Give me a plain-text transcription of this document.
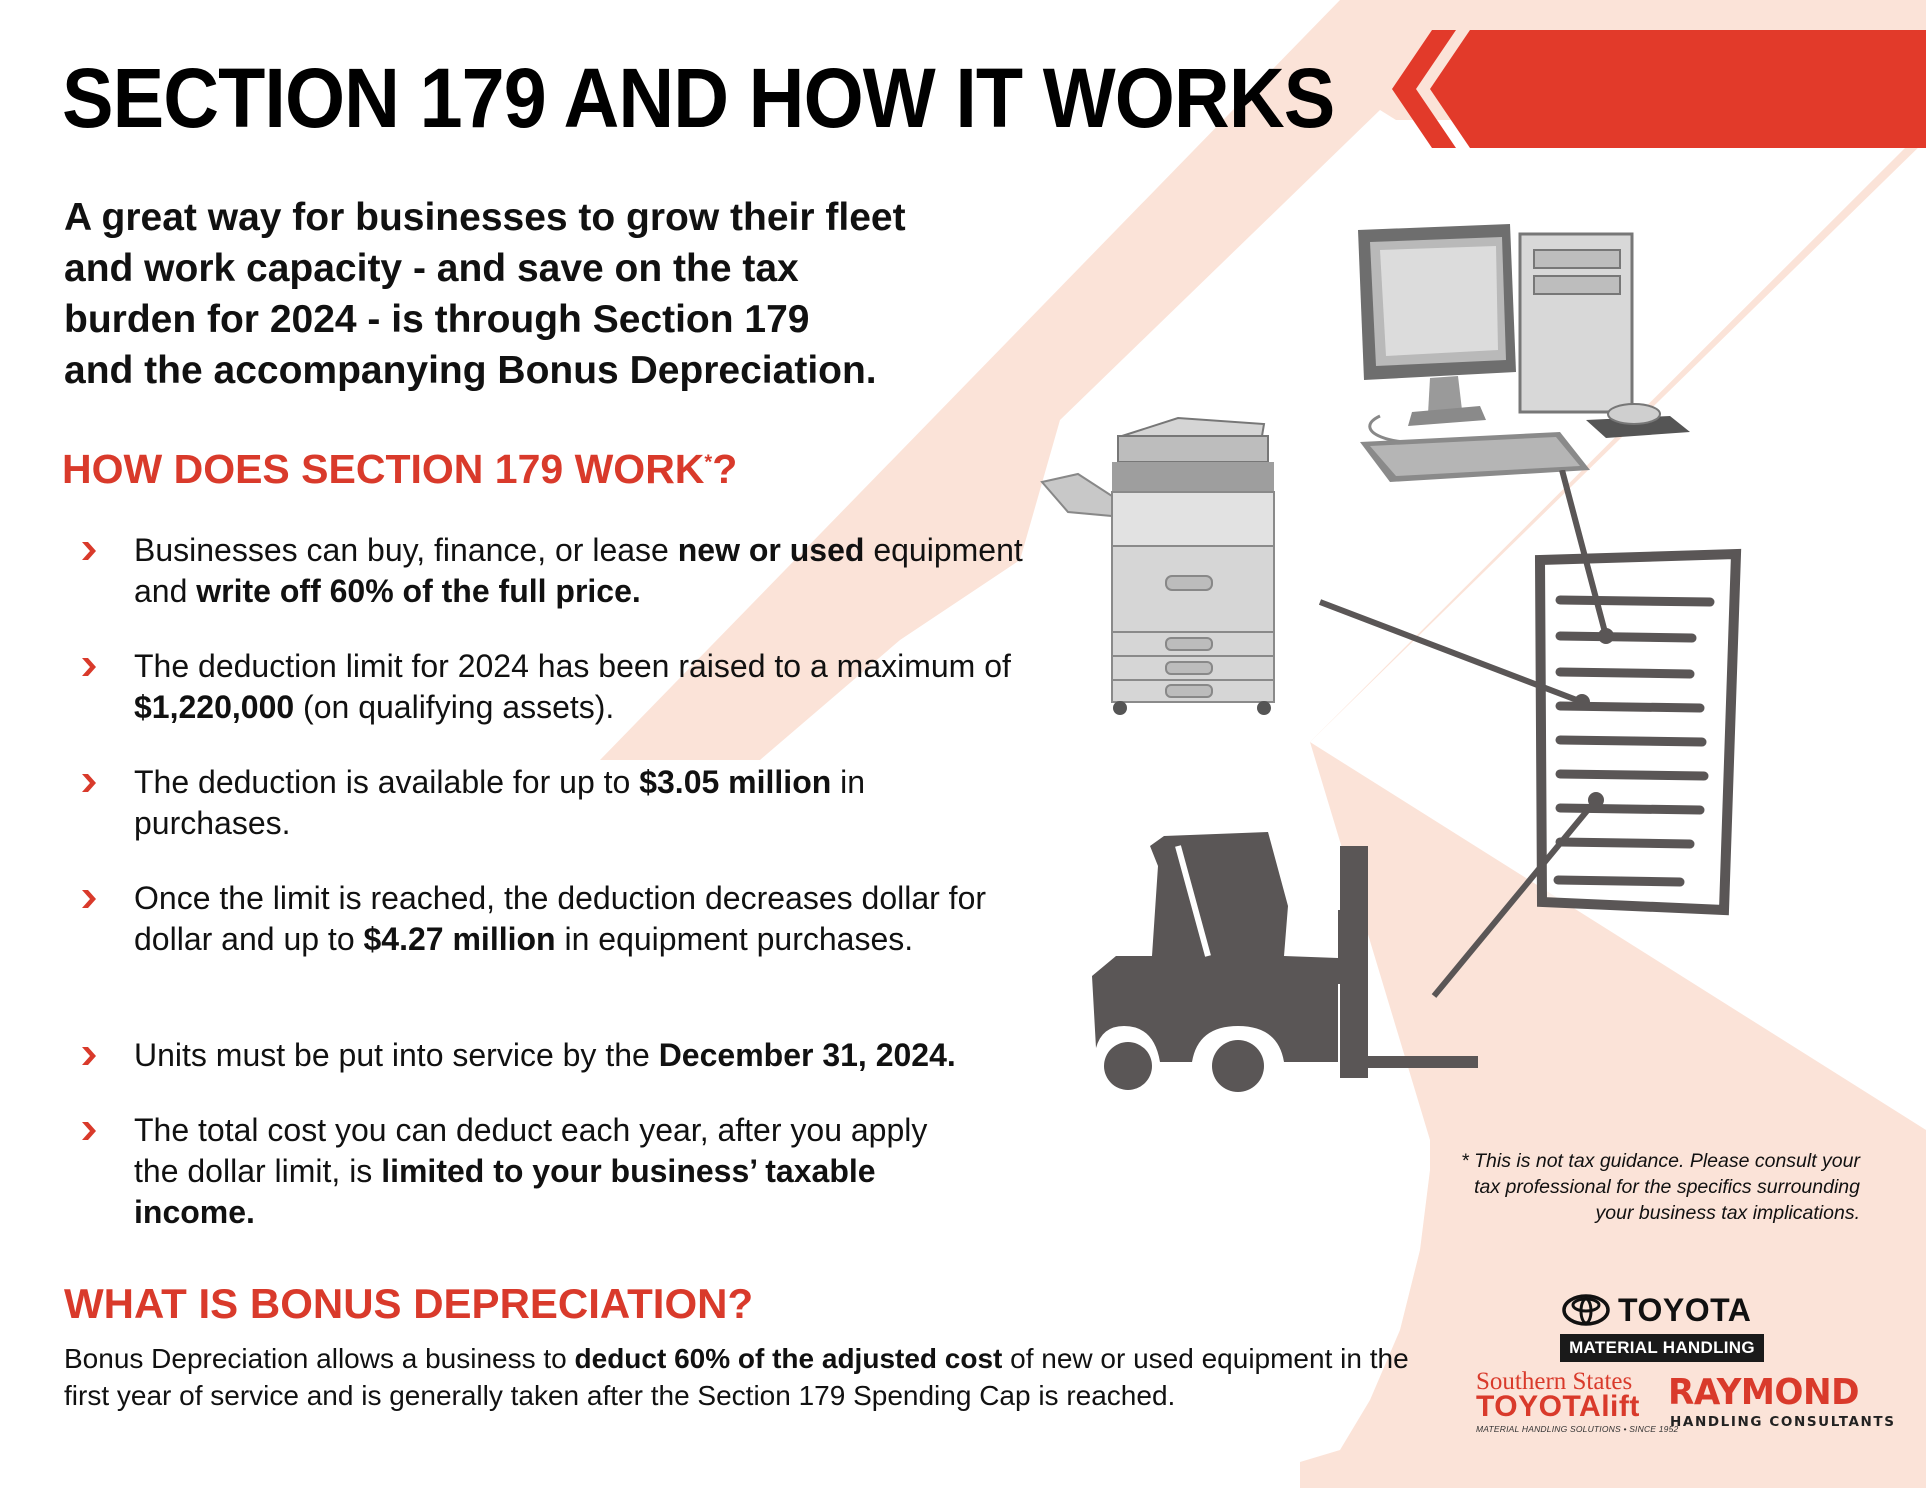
SECTION 179 AND HOW IT WORKS

A great way for businesses to grow their fleet
and work capacity - and save on the tax
burden for 2024 - is through Section 179
and the accompanying Bonus Depreciation.

HOW DOES SECTION 179 WORK*?
Businesses can buy, finance, or lease new or used equipment and write off 60% of the full price.
The deduction limit for 2024 has been raised to a maximum of $1,220,000 (on qualifying assets).
The deduction is available for up to $3.05 million in purchases.
Once the limit is reached, the deduction decreases dollar for dollar and up to $4.27 million in equipment purchases.
Units must be put into service by the December 31, 2024.
The total cost you can deduct each year, after you apply the dollar limit, is limited to your business’ taxable income.

* This is not tax guidance. Please consult your
tax professional for the specifics surrounding
your business tax implications.

WHAT IS BONUS DEPRECIATION?

Bonus Depreciation allows a business to deduct 60% of the adjusted cost of new or used equipment in the first year of service and is generally taken after the Section 179 Spending Cap is reached.

TOYOTA
MATERIAL HANDLING
Southern States
TOYOTAlift
MATERIAL HANDLING SOLUTIONS • SINCE 1952
RAYMOND
HANDLING CONSULTANTS
